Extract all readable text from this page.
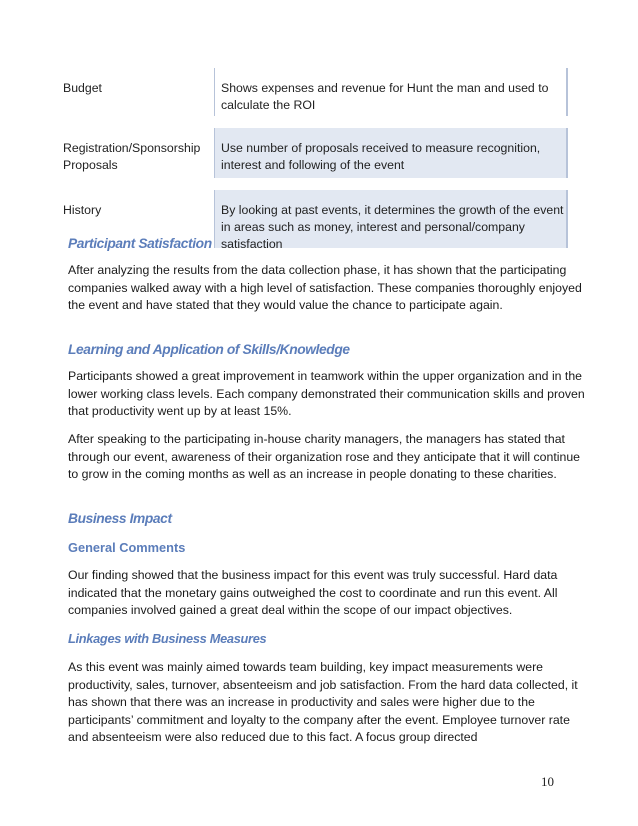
Budget	Shows expenses and revenue for Hunt the man and used to calculate the ROI
Registration/Sponsorship Proposals
Use number of proposals received to measure recognition, interest and following of the event
History	By looking at past events, it determines the growth of the event in areas such as money, interest and personal/company satisfaction
Participant Satisfaction
After analyzing the results from the data collection phase, it has shown that the participating companies walked away with a high level of satisfaction. These companies thoroughly enjoyed the event and have stated that they would value the chance to participate again.
Learning and Application of Skills/Knowledge
Participants showed a great improvement in teamwork within the upper organization and in the lower working class levels. Each company demonstrated their communication skills and proven that productivity went up by at least 15%.
After speaking to the participating in-house charity managers, the managers has stated that through our event, awareness of their organization rose and they anticipate that it will continue to grow in the coming months as well as an increase in people donating to these charities.
Business Impact
General Comments
Our finding showed that the business impact for this event was truly successful. Hard data indicated that the monetary gains outweighed the cost to coordinate and run this event. All companies involved gained a great deal within the scope of our impact objectives.
Linkages with Business Measures
As this event was mainly aimed towards team building, key impact measurements were productivity, sales, turnover, absenteeism and job satisfaction. From the hard data collected, it has shown that there was an increase in productivity and sales were higher due to the participants’ commitment and loyalty to the company after the event. Employee turnover rate and absenteeism were also reduced due to this fact. A focus group directed
10
